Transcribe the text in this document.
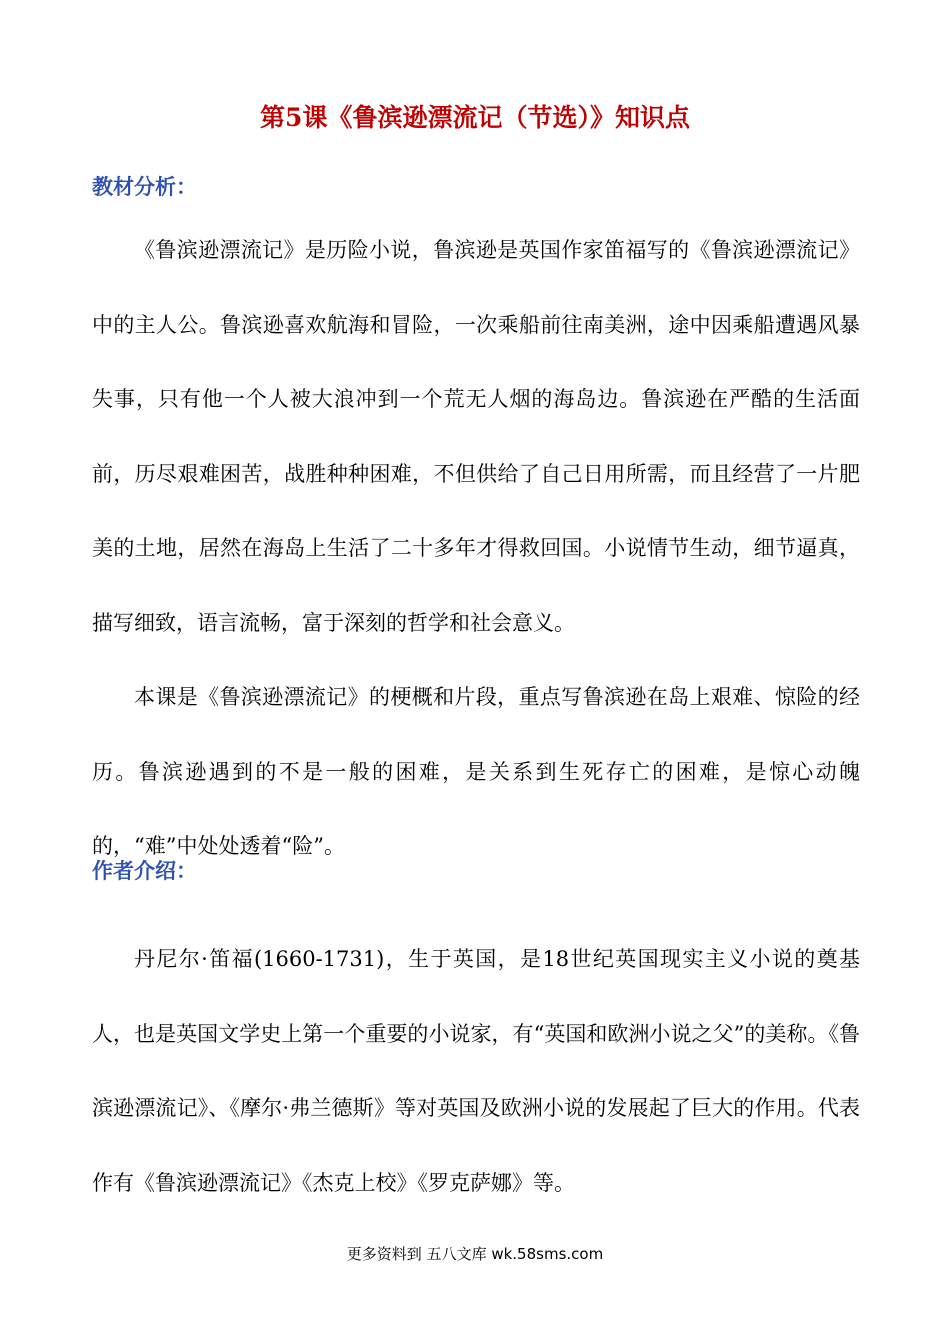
第5课《鲁滨逊漂流记（节选）》知识点
教材分析：

《鲁滨逊漂流记》是历险小说，鲁滨逊是英国作家笛福写的《鲁滨逊漂流记》中的主人公。鲁滨逊喜欢航海和冒险，一次乘船前往南美洲，途中因乘船遭遇风暴失事，只有他一个人被大浪冲到一个荒无人烟的海岛边。鲁滨逊在严酷的生活面前，历尽艰难困苦，战胜种种困难，不但供给了自己日用所需，而且经营了一片肥美的土地，居然在海岛上生活了二十多年才得救回国。小说情节生动，细节逼真，描写细致，语言流畅，富于深刻的哲学和社会意义。

本课是《鲁滨逊漂流记》的梗概和片段，重点写鲁滨逊在岛上艰难、惊险的经历。鲁滨逊遇到的不是一般的困难，是关系到生死存亡的困难，是惊心动魄的，“难”中处处透着“险”。

作者介绍：

丹尼尔·笛福(1660-1731)，生于英国，是18世纪英国现实主义小说的奠基人，也是英国文学史上第一个重要的小说家，有“英国和欧洲小说之父”的美称。《鲁滨逊漂流记》、《摩尔·弗兰德斯》等对英国及欧洲小说的发展起了巨大的作用。代表作有《鲁滨逊漂流记》《杰克上校》《罗克萨娜》等。

更多资料到 五八文库 wk.58sms.com
